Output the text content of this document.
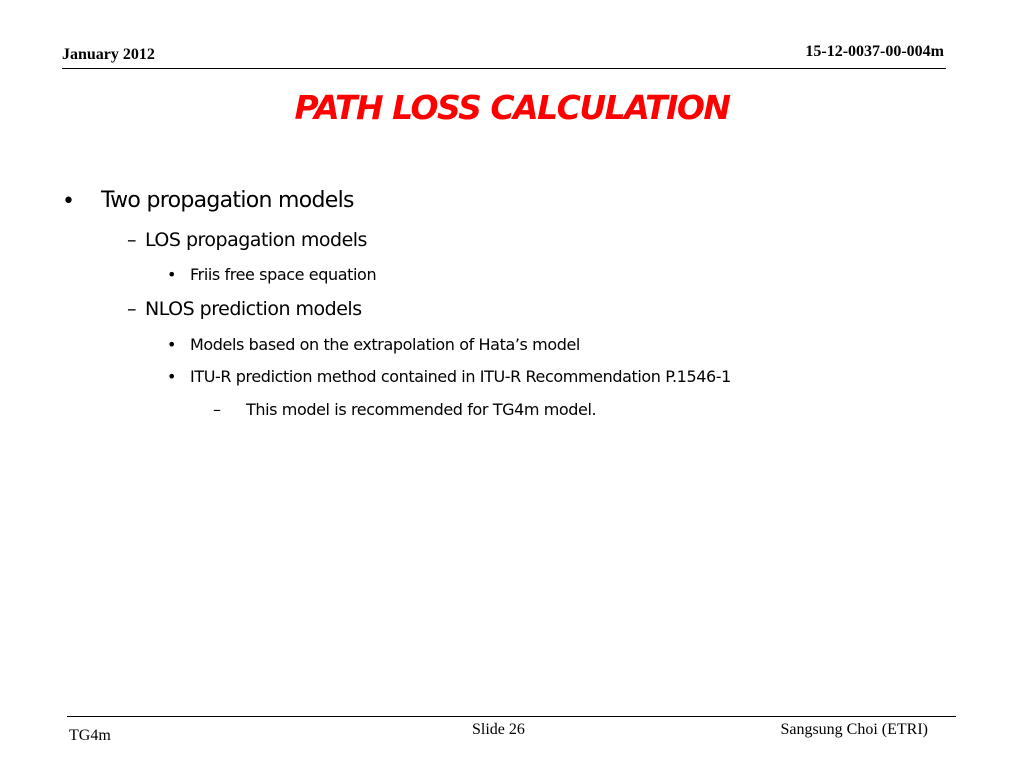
January 2012	15-12-0037-00-004m
PATH LOSS CALCULATION
• Two propagation models
– LOS propagation models
• Friis free space equation
– NLOS prediction models
• Models based on the extrapolation of Hata’s model
• ITU-R prediction method contained in ITU-R Recommendation P.1546-1
– This model is recommended for TG4m model.
TG4m	Slide 26	Sangsung Choi (ETRI)
